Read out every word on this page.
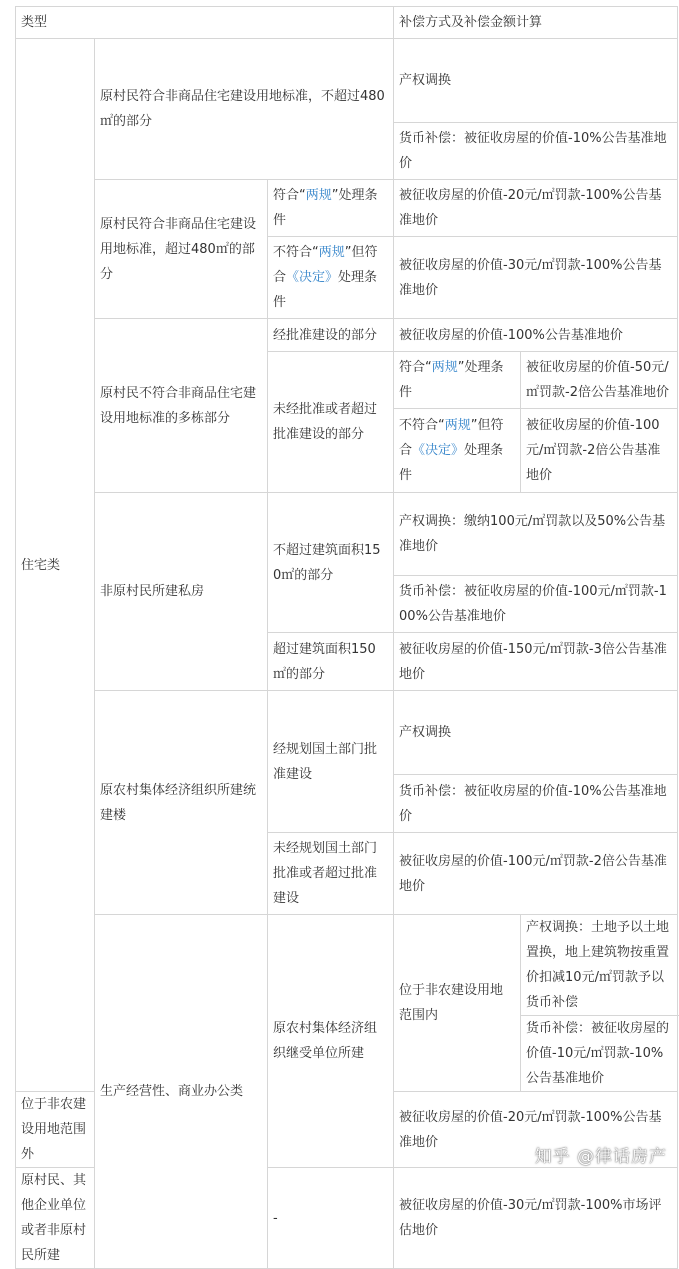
类型			补偿方式及补偿金额计算	
住宅类	原村民符合非商品住宅建设用地标准，不超过480㎡的部分		产权调换	
			货币补偿：被征收房屋的价值-10%公告基准地价	
	原村民符合非商品住宅建设用地标准，超过480㎡的部分	符合“两规”处理条件	被征收房屋的价值-20元/㎡罚款-100%公告基准地价	
		不符合“两规”但符合《决定》处理条件	被征收房屋的价值-30元/㎡罚款-100%公告基准地价	
	原村民不符合非商品住宅建设用地标准的多栋部分	经批准建设的部分	被征收房屋的价值-100%公告基准地价	
		未经批准或者超过批准建设的部分	符合“两规”处理条件	被征收房屋的价值-50元/㎡罚款-2倍公告基准地价
			不符合“两规”但符合《决定》处理条件	被征收房屋的价值-100元/㎡罚款-2倍公告基准地价
	非原村民所建私房	不超过建筑面积150㎡的部分	产权调换：缴纳100元/㎡罚款以及50%公告基准地价	
			货币补偿：被征收房屋的价值-100元/㎡罚款-100%公告基准地价	
		超过建筑面积150㎡的部分	被征收房屋的价值-150元/㎡罚款-3倍公告基准地价	
	原农村集体经济组织所建统建楼	经规划国土部门批准建设	产权调换	
			货币补偿：被征收房屋的价值-10%公告基准地价	
		未经规划国土部门批准或者超过批准建设	被征收房屋的价值-100元/㎡罚款-2倍公告基准地价	
	生产经营性、商业办公类	原农村集体经济组织继受单位所建	位于非农建设用地范围内	产权调换：土地予以土地置换，地上建筑物按重置价扣减10元/㎡罚款予以货币补偿
				货币补偿：被征收房屋的价值-10元/㎡罚款-10%公告基准地价
位于非农建设用地范围外			被征收房屋的价值-20元/㎡罚款-100%公告基准地价	
原村民、其他企业单位或者非原村民所建		-	被征收房屋的价值-30元/㎡罚款-100%市场评估地价	
知乎 @律话房产
